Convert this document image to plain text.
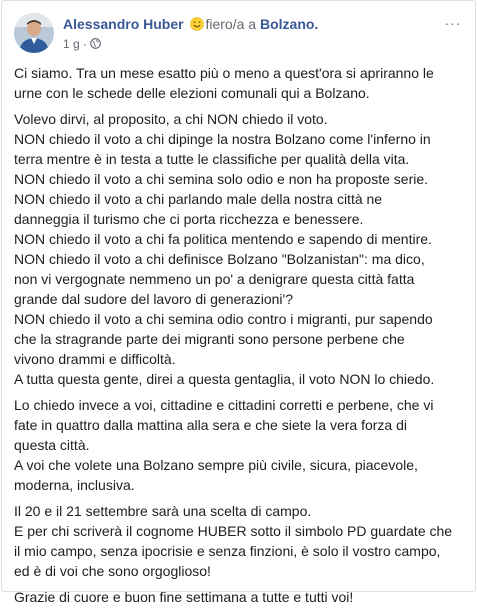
Alessandro Huber fiero/a a Bolzano.
1 g ·
···

Ci siamo. Tra un mese esatto più o meno a quest'ora si apriranno le
urne con le schede delle elezioni comunali qui a Bolzano.

Volevo dirvi, al proposito, a chi NON chiedo il voto.
NON chiedo il voto a chi dipinge la nostra Bolzano come l'inferno in
terra mentre è in testa a tutte le classifiche per qualità della vita.
NON chiedo il voto a chi semina solo odio e non ha proposte serie.
NON chiedo il voto a chi parlando male della nostra città ne
danneggia il turismo che ci porta ricchezza e benessere.
NON chiedo il voto a chi fa politica mentendo e sapendo di mentire.
NON chiedo il voto a chi definisce Bolzano "Bolzanistan": ma dico,
non vi vergognate nemmeno un po' a denigrare questa città fatta
grande dal sudore del lavoro di generazioni'?
NON chiedo il voto a chi semina odio contro i migranti, pur sapendo
che la stragrande parte dei migranti sono persone perbene che
vivono drammi e difficoltà.
A tutta questa gente, direi a questa gentaglia, il voto NON lo chiedo.

Lo chiedo invece a voi, cittadine e cittadini corretti e perbene, che vi
fate in quattro dalla mattina alla sera e che siete la vera forza di
questa città.
A voi che volete una Bolzano sempre più civile, sicura, piacevole,
moderna, inclusiva.

Il 20 e il 21 settembre sarà una scelta di campo.
E per chi scriverà il cognome HUBER sotto il simbolo PD guardate che
il mio campo, senza ipocrisie e senza finzioni, è solo il vostro campo,
ed è di voi che sono orgoglioso!

Grazie di cuore e buon fine settimana a tutte e tutti voi!
